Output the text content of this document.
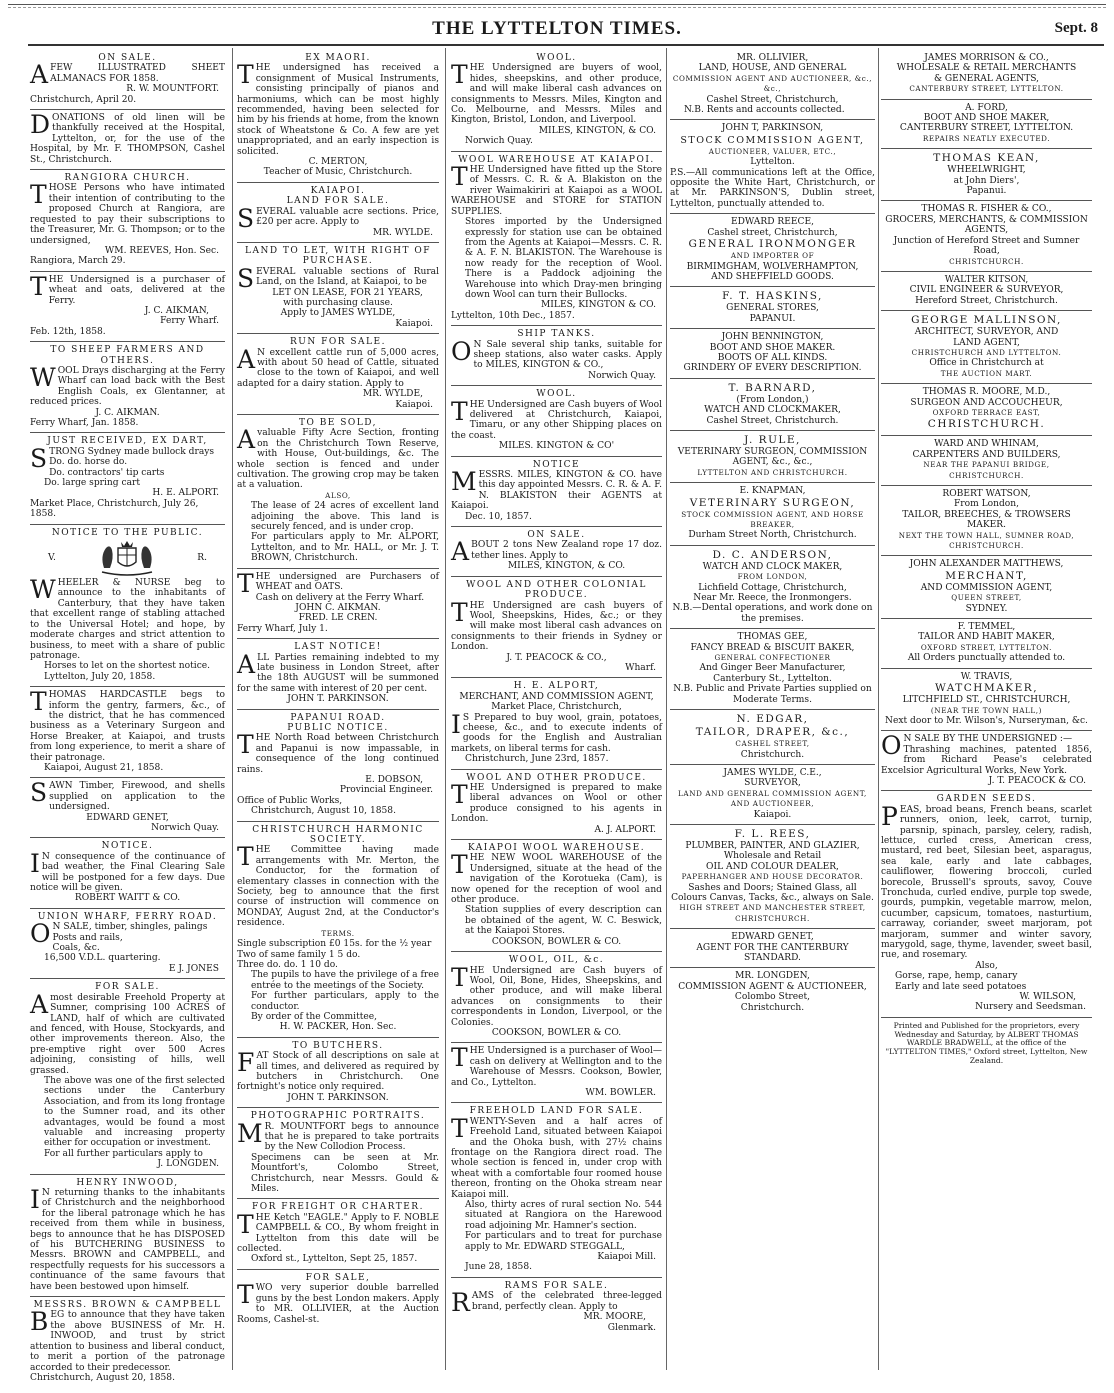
THE LYTTELTON TIMES.	Sept. 8
ON SALE.
AFEW ILLUSTRATED SHEET ALMANACS FOR 1858.
R. W. MOUNTFORT.
Christchurch, April 20.
DONATIONS of old linen will be thankfully received at the Hospital, Lyttelton, or, for the use of the Hospital, by Mr. F. THOMPSON, Cashel St., Christchurch.
RANGIORA CHURCH.
THOSE Persons who have intimated their intention of contributing to the proposed Church at Rangiora, are requested to pay their subscriptions to the Treasurer, Mr. G. Thompson; or to the undersigned,
WM. REEVES, Hon. Sec.
Rangiora, March 29.
THE Undersigned is a purchaser of wheat and oats, delivered at the Ferry.
J. C. AIKMAN,
Ferry Wharf.
Feb. 12th, 1858.
TO SHEEP FARMERS AND OTHERS.
WOOL Drays discharging at the Ferry Wharf can load back with the Best English Coals, ex Glentanner, at reduced prices.
J. C. AIKMAN.
Ferry Wharf, Jan. 1858.
JUST RECEIVED, EX DART,
STRONG Sydney made bullock drays
Do. do. horse do.
Do. contractors' tip carts
Do. large spring cart
H. E. ALPORT.
Market Place, Christchurch, July 26, 1858.
NOTICE TO THE PUBLIC.
V.	R.
WHEELER & NURSE beg to announce to the inhabitants of Canterbury, that they have taken that excellent range of stabling attached to the Universal Hotel; and hope, by moderate charges and strict attention to business, to meet with a share of public patronage.
Horses to let on the shortest notice.
Lyttelton, July 20, 1858.
THOMAS HARDCASTLE begs to inform the gentry, farmers, &c., of the district, that he has commenced business as a Veterinary Surgeon and Horse Breaker, at Kaiapoi, and trusts from long experience, to merit a share of their patronage.
Kaiapoi, August 21, 1858.
SAWN Timber, Firewood, and shells supplied on application to the undersigned.
EDWARD GENET,
Norwich Quay.
NOTICE.
I N consequence of the continuance of bad weather, the Final Clearing Sale will be postponed for a few days. Due notice will be given.
ROBERT WAITT & CO.
UNION WHARF, FERRY ROAD.
O N SALE, timber, shingles, palings
Posts and rails,
Coals, &c.
16,500 V.D.L. quartering.
E J. JONES
FOR SALE.
Amost desirable Freehold Property at Sumner, comprising 100 ACRES of LAND, half of which are cultivated and fenced, with House, Stockyards, and other improvements thereon. Also, the pre-emptive right over 500 Acres adjoining, consisting of hills, well grassed.
The above was one of the first selected sections under the Canterbury Association, and from its long frontage to the Sumner road, and its other advantages, would be found a most valuable and increasing property either for occupation or investment.
For all further particulars apply to
J. LONGDEN.
HENRY INWOOD,
I N returning thanks to the inhabitants of Christchurch and the neighborhood for the liberal patronage which he has received from them while in business, begs to announce that he has DISPOSED of his BUTCHERING BUSINESS to Messrs. BROWN and CAMPBELL, and respectfully requests for his successors a continuance of the same favours that have been bestowed upon himself.
MESSRS. BROWN & CAMPBELL
BEG to announce that they have taken the above BUSINESS of Mr. H. INWOOD, and trust by strict attention to business and liberal conduct, to merit a portion of the patronage accorded to their predecessor.
Christchurch, August 20, 1858.
EX MAORI.
THE undersigned has received a consignment of Musical Instruments, consisting principally of pianos and harmoniums, which can be most highly recommended, having been selected for him by his friends at home, from the known stock of Wheatstone & Co. A few are yet unappropriated, and an early inspection is solicited.
C. MERTON,
Teacher of Music, Christchurch.
KAIAPOI.
LAND FOR SALE.
SEVERAL valuable acre sections. Price, £20 per acre. Apply to
MR. WYLDE.
LAND TO LET, WITH RIGHT OF
PURCHASE.
SEVERAL valuable sections of Rural Land, on the Island, at Kaiapoi, to be
LET ON LEASE, FOR 21 YEARS,
with purchasing clause.
Apply to JAMES WYLDE,
Kaiapoi.
RUN FOR SALE.
A N excellent cattle run of 5,000 acres, with about 50 head of Cattle, situated close to the town of Kaiapoi, and well adapted for a dairy station. Apply to
MR. WYLDE,
Kaiapoi.
TO BE SOLD,
Avaluable Fifty Acre Section, fronting on the Christchurch Town Reserve, with House, Out-buildings, &c. The whole section is fenced and under cultivation. The growing crop may be taken at a valuation.
ALSO,
The lease of 24 acres of excellent land adjoining the above. This land is securely fenced, and is under crop.
For particulars apply to Mr. ALPORT, Lyttelton, and to Mr. HALL, or Mr. J. T. BROWN, Christchurch.
THE undersigned are Purchasers of WHEAT and OATS.
Cash on delivery at the Ferry Wharf.
JOHN C. AIKMAN.
FRED. LE CREN.
Ferry Wharf, July 1.
LAST NOTICE!
ALL Parties remaining indebted to my late business in London Street, after the 18th AUGUST will be summoned for the same with interest of 20 per cent.
JOHN T. PARKINSON.
PAPANUI ROAD.
PUBLIC NOTICE.
THE North Road between Christchurch and Papanui is now impassable, in consequence of the long continued rains.
E. DOBSON,
Provincial Engineer.
Office of Public Works,
Christchurch, August 10, 1858.
CHRISTCHURCH HARMONIC
SOCIETY.
THE Committee having made arrangements with Mr. Merton, the Conductor, for the formation of elementary classes in connection with the Society, beg to announce that the first course of instruction will commence on MONDAY, August 2nd, at the Conductor's residence.
TERMS.
Single subscription £0 15s. for the ½ year
Two of same family 1 5 do.
Three do. do. 1 10 do.
The pupils to have the privilege of a free entrée to the meetings of the Society.
For further particulars, apply to the conductor.
By order of the Committee,
H. W. PACKER, Hon. Sec.
TO BUTCHERS.
FAT Stock of all descriptions on sale at all times, and delivered as required by butchers in Christchurch. One fortnight's notice only required.
JOHN T. PARKINSON.
PHOTOGRAPHIC PORTRAITS.
M R. MOUNTFORT begs to announce that he is prepared to take portraits by the New Collodion Process.
Specimens can be seen at Mr. Mountfort's, Colombo Street, Christchurch, near Messrs. Gould & Miles.
FOR FREIGHT OR CHARTER.
THE Ketch "EAGLE." Apply to F. NOBLE CAMPBELL & CO., By whom freight in Lyttelton from this date will be collected.
Oxford st., Lyttelton, Sept 25, 1857.
FOR SALE,
TWO very superior double barrelled guns by the best London makers. Apply to MR. OLLIVIER, at the Auction Rooms, Cashel-st.
WOOL.
THE Undersigned are buyers of wool, hides, sheepskins, and other produce, and will make liberal cash advances on consignments to Messrs. Miles, Kington and Co. Melbourne, and Messrs. Miles and Kington, Bristol, London, and Liverpool.
MILES, KINGTON, & CO.
Norwich Quay.
WOOL WAREHOUSE AT KAIAPOI.
THE Undersigned have fitted up the Store of Messrs. C. R. & A. Blakiston on the river Waimakiriri at Kaiapoi as a WOOL WAREHOUSE and STORE for STATION SUPPLIES.
Stores imported by the Undersigned expressly for station use can be obtained from the Agents at Kaiapoi—Messrs. C. R. & A. F. N. BLAKISTON. The Warehouse is now ready for the reception of Wool. There is a Paddock adjoining the Warehouse into which Dray-men bringing down Wool can turn their Bullocks.
MILES, KINGTON & CO.
Lyttelton, 10th Dec., 1857.
SHIP TANKS.
O N Sale several ship tanks, suitable for sheep stations, also water casks. Apply to MILES, KINGTON & CO.,
Norwich Quay.
WOOL.
THE Undersigned are Cash buyers of Wool delivered at Christchurch, Kaiapoi, Timaru, or any other Shipping places on the coast.
MILES. KINGTON & CO'
NOTICE
MESSRS. MILES, KINGTON & CO. have this day appointed Messrs. C. R. & A. F. N. BLAKISTON their AGENTS at Kaiapoi.
Dec. 10, 1857.
ON SALE.
ABOUT 2 tons New Zealand rope 17 doz. tether lines. Apply to
MILES, KINGTON, & CO.
WOOL AND OTHER COLONIAL
PRODUCE.
THE Undersigned are cash buyers of Wool, Sheepskins, Hides, &c.; or they will make most liberal cash advances on consignments to their friends in Sydney or London.
J. T. PEACOCK & CO.,
Wharf.
H. E. ALPORT,
MERCHANT, AND COMMISSION AGENT,
Market Place, Christchurch,
I S Prepared to buy wool, grain, potatoes, cheese, &c., and to execute indents of goods for the English and Australian markets, on liberal terms for cash.
Christchurch, June 23rd, 1857.
WOOL AND OTHER PRODUCE.
THE Undersigned is prepared to make liberal advances on Wool or other produce consigned to his agents in London.
A. J. ALPORT.
KAIAPOI WOOL WAREHOUSE.
THE NEW WOOL WAREHOUSE of the Undersigned, situate at the head of the navigation of the Korotueka (Cam), is now opened for the reception of wool and other produce.
Station supplies of every description can be obtained of the agent, W. C. Beswick, at the Kaiapoi Stores.
COOKSON, BOWLER & CO.
WOOL, OIL, &c.
THE Undersigned are Cash buyers of Wool, Oil, Bone, Hides, Sheepskins, and other produce, and will make liberal advances on consignments to their correspondents in London, Liverpool, or the Colonies.
COOKSON, BOWLER & CO.
THE Undersigned is a purchaser of Wool—cash on delivery at Wellington and to the Warehouse of Messrs. Cookson, Bowler, and Co., Lyttelton.
WM. BOWLER.
FREEHOLD LAND FOR SALE.
TWENTY-Seven and a half acres of Freehold Land, situated between Kaiapoi and the Ohoka bush, with 27½ chains frontage on the Rangiora direct road. The whole section is fenced in, under crop with wheat with a comfortable four roomed house thereon, fronting on the Ohoka stream near Kaiapoi mill.
Also, thirty acres of rural section No. 544 situated at Rangiora on the Harewood road adjoining Mr. Hamner's section.
For particulars and to treat for purchase apply to Mr. EDWARD STEGGALL,
Kaiapoi Mill.
June 28, 1858.
RAMS FOR SALE.
RAMS of the celebrated three-legged brand, perfectly clean. Apply to
MR. MOORE,
Glenmark.
MR. OLLIVIER,
LAND, HOUSE, AND GENERAL
COMMISSION AGENT AND AUCTIONEER, &c., &c.,
Cashel Street, Christchurch,
N.B. Rents and accounts collected.
JOHN T, PARKINSON,
STOCK COMMISSION AGENT,
AUCTIONEER, VALUER, ETC.,
Lyttelton.
P.S.—All communications left at the Office, opposite the White Hart, Christchurch, or at Mr. PARKINSON'S, Dublin street, Lyttelton, punctually attended to.
EDWARD REECE,
Cashel street, Christchurch,
GENERAL IRONMONGER
AND IMPORTER OF
BIRMIMGHAM, WOLVERHAMPTON,
AND SHEFFIELD GOODS.
F. T. HASKINS,
GENERAL STORES,
PAPANUI.
JOHN BENNINGTON,
BOOT AND SHOE MAKER.
BOOTS OF ALL KINDS.
GRINDERY OF EVERY DESCRIPTION.
T. BARNARD,
(From London,)
WATCH AND CLOCKMAKER,
Cashel Street, Christchurch.
J. RULE,
VETERINARY SURGEON, COMMISSION
AGENT, &c., &c.,
LYTTELTON AND CHRISTCHURCH.
E. KNAPMAN,
VETERINARY SURGEON,
STOCK COMMISSION AGENT, AND HORSE
BREAKER,
Durham Street North, Christchurch.
D. C. ANDERSON,
WATCH AND CLOCK MAKER,
FROM LONDON,
Lichfield Cottage, Christchurch,
Near Mr. Reece, the Ironmongers.
N.B.—Dental operations, and work done on the premises.
THOMAS GEE,
FANCY BREAD & BISCUIT BAKER,
GENERAL CONFECTIONER
And Ginger Beer Manufacturer,
Canterbury St., Lyttelton.
N.B. Public and Private Parties supplied on Moderate Terms.
N. EDGAR,
TAILOR, DRAPER, &c.,
CASHEL STREET,
Christchurch.
JAMES WYLDE, C.E.,
SURVEYOR,
LAND AND GENERAL COMMISSION AGENT,
AND AUCTIONEER,
Kaiapoi.
F. L. REES,
PLUMBER, PAINTER, AND GLAZIER,
Wholesale and Retail
OIL AND COLOUR DEALER,
PAPERHANGER AND HOUSE DECORATOR.
Sashes and Doors; Stained Glass, all Colours Canvas, Tacks, &c., always on Sale.
HIGH STREET AND MANCHESTER STREET,
CHRISTCHURCH.
EDWARD GENET,
AGENT FOR THE CANTERBURY
STANDARD.
MR. LONGDEN,
COMMISSION AGENT & AUCTIONEER,
Colombo Street,
Christchurch.
JAMES MORRISON & CO.,
WHOLESALE & RETAIL MERCHANTS
& GENERAL AGENTS,
CANTERBURY STREET, LYTTELTON.
A. FORD,
BOOT AND SHOE MAKER,
CANTERBURY STREET, LYTTELTON.
REPAIRS NEATLY EXECUTED.
THOMAS KEAN,
WHEELWRIGHT,
at John Diers',
Papanui.
THOMAS R. FISHER & CO.,
GROCERS, MERCHANTS, & COMMISSION AGENTS,
Junction of Hereford Street and Sumner Road,
CHRISTCHURCH.
WALTER KITSON,
CIVIL ENGINEER & SURVEYOR,
Hereford Street, Christchurch.
GEORGE MALLINSON,
ARCHITECT, SURVEYOR, AND
LAND AGENT,
CHRISTCHURCH AND LYTTELTON.
Office in Christchurch at
THE AUCTION MART.
THOMAS R. MOORE, M.D.,
SURGEON AND ACCOUCHEUR,
OXFORD TERRACE EAST,
CHRISTCHURCH.
WARD AND WHINAM,
CARPENTERS AND BUILDERS,
NEAR THE PAPANUI BRIDGE,
CHRISTCHURCH.
ROBERT WATSON,
From London,
TAILOR, BREECHES, & TROWSERS
MAKER.
NEXT THE TOWN HALL, SUMNER ROAD,
CHRISTCHURCH.
JOHN ALEXANDER MATTHEWS,
MERCHANT,
AND COMMISSION AGENT,
QUEEN STREET,
SYDNEY.
F. TEMMEL,
TAILOR AND HABIT MAKER,
OXFORD STREET, LYTTELTON.
All Orders punctually attended to.
W. TRAVIS,
WATCHMAKER,
LITCHFIELD ST., CHRISTCHURCH,
(NEAR THE TOWN HALL,)
Next door to Mr. Wilson's, Nurseryman, &c.
O N SALE BY THE UNDERSIGNED :—
Thrashing machines, patented 1856, from Richard Pease's celebrated Excelsior Agricultural Works, New York.
J. T. PEACOCK & CO.
GARDEN SEEDS.
PEAS, broad beans, French beans, scarlet runners, onion, leek, carrot, turnip, parsnip, spinach, parsley, celery, radish, lettuce, curled cress, American cress, mustard, red beet, Silesian beet, asparagus, sea kale, early and late cabbages, cauliflower, flowering broccoli, curled borecole, Brussell's sprouts, savoy, Couve Tronchuda, curled endive, purple top swede, gourds, pumpkin, vegetable marrow, melon, cucumber, capsicum, tomatoes, nasturtium, carraway, coriander, sweet marjoram, pot marjoram, summer and winter savory, marygold, sage, thyme, lavender, sweet basil, rue, and rosemary.
Also,
Gorse, rape, hemp, canary
Early and late seed potatoes
W. WILSON,
Nursery and Seedsman.
Printed and Published for the proprietors, every Wednesday and Saturday, by ALBERT THOMAS WARDLE BRADWELL, at the office of the "LYTTELTON TIMES," Oxford street, Lyttelton, New Zealand.
